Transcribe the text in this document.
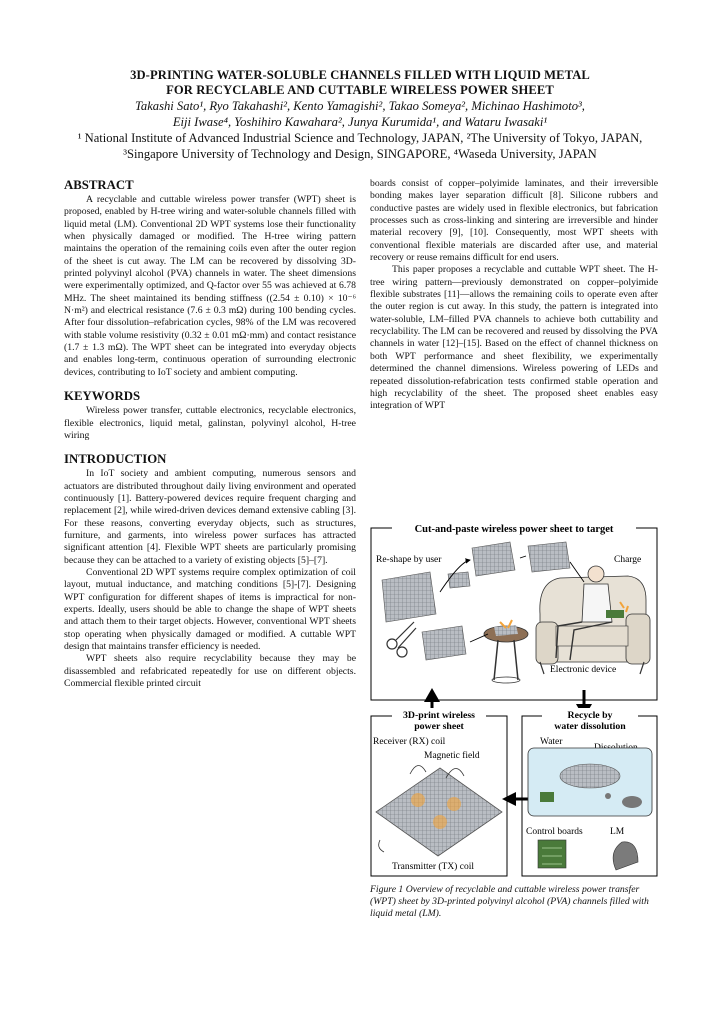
3D-PRINTING WATER-SOLUBLE CHANNELS FILLED WITH LIQUID METAL
FOR RECYCLABLE AND CUTTABLE WIRELESS POWER SHEET
Takashi Sato¹, Ryo Takahashi², Kento Yamagishi², Takao Someya², Michinao Hashimoto³,
Eiji Iwase⁴, Yoshihiro Kawahara², Junya Kurumida¹, and Wataru Iwasaki¹
¹ National Institute of Advanced Industrial Science and Technology, JAPAN, ²The University of Tokyo, JAPAN,
³Singapore University of Technology and Design, SINGAPORE, ⁴Waseda University, JAPAN
ABSTRACT

A recyclable and cuttable wireless power transfer (WPT) sheet is proposed, enabled by H-tree wiring and water-soluble channels filled with liquid metal (LM). Conventional 2D WPT systems lose their functionality when physically damaged or modified. The H-tree wiring pattern maintains the operation of the remaining coils even after the outer region of the sheet is cut away. The LM can be recovered by dissolving 3D-printed polyvinyl alcohol (PVA) channels in water. The sheet dimensions were experimentally optimized, and Q-factor over 55 was achieved at 6.78 MHz. The sheet maintained its bending stiffness ((2.54 ± 0.10) × 10⁻⁶ N·m²) and electrical resistance (7.6 ± 0.3 mΩ) during 100 bending cycles. After four dissolution–refabrication cycles, 98% of the LM was recovered with stable volume resistivity (0.32 ± 0.01 mΩ·mm) and contact resistance (1.7 ± 1.3 mΩ). The WPT sheet can be integrated into everyday objects and enables long-term, continuous operation of surrounding electronic devices, contributing to IoT society and ambient computing.

KEYWORDS

Wireless power transfer, cuttable electronics, recyclable electronics, flexible electronics, liquid metal, galinstan, polyvinyl alcohol, H-tree wiring

INTRODUCTION

In IoT society and ambient computing, numerous sensors and actuators are distributed throughout daily living environment and operated continuously [1]. Battery-powered devices require frequent charging and replacement [2], while wired-driven devices demand extensive cabling [3]. For these reasons, converting everyday objects, such as structures, furniture, and garments, into wireless power surfaces has attracted significant attention [4]. Flexible WPT sheets are particularly promising because they can be attached to a variety of existing objects [5]–[7].

Conventional 2D WPT systems require complex optimization of coil layout, mutual inductance, and matching conditions [5]-[7]. Designing WPT configuration for different shapes of items is impractical for non-experts. Ideally, users should be able to change the shape of WPT sheets and attach them to their target objects. However, conventional WPT sheets stop operating when physically damaged or modified. A cuttable WPT design that maintains transfer efficiency is needed.

WPT sheets also require recyclability because they may be disassembled and refabricated repeatedly for use on different objects. Commercial flexible printed circuit

boards consist of copper–polyimide laminates, and their irreversible bonding makes layer separation difficult [8]. Silicone rubbers and conductive pastes are widely used in flexible electronics, but fabrication processes such as cross-linking and sintering are irreversible and hinder material recovery [9], [10]. Consequently, most WPT sheets with conventional flexible materials are discarded after use, and material recovery or reuse remains difficult for end users.

This paper proposes a recyclable and cuttable WPT sheet. The H-tree wiring pattern—previously demonstrated on copper–polyimide flexible substrates [11]—allows the remaining coils to operate even after the outer region is cut away. In this study, the pattern is integrated into water-soluble, LM–filled PVA channels to achieve both cuttability and recyclability. The LM can be recovered and reused by dissolving the PVA channels in water [12]–[15]. Based on the effect of channel thickness on both WPT performance and sheet flexibility, we experimentally determined the channel dimensions. Wireless powering of LEDs and repeated dissolution-refabrication tests confirmed stable operation and high recyclability of the sheet. The proposed sheet enables easy integration of WPT

Cut-and-paste wireless power sheet to target
Re-shape by user	Charge
Electronic device
3D-print wireless
power sheet
Receiver (RX) coil
Magnetic field
Transmitter (TX) coil
Recycle by
water dissolution
Water
Control boards	LM
Figure 1 Overview of recyclable and cuttable wireless power transfer (WPT) sheet by 3D-printed polyvinyl alcohol (PVA) channels filled with liquid metal (LM).
